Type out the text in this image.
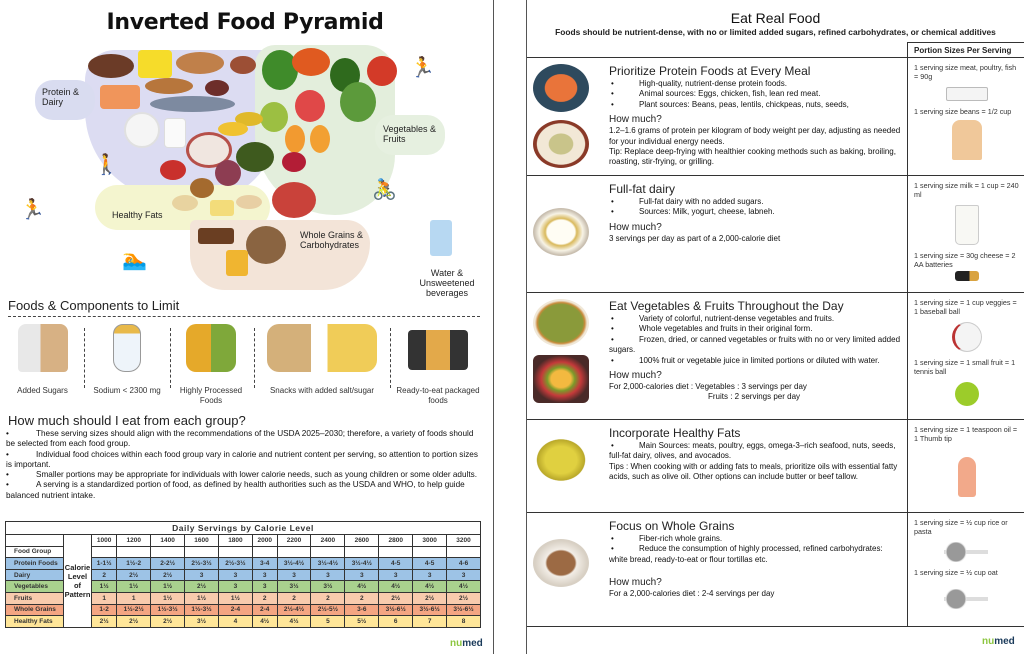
Inverted Food Pyramid
Protein & Dairy
Vegetables & Fruits
Healthy Fats
Whole Grains & Carbohydrates
Water & Unsweetened beverages
🏃
🚶
🏃
🚴
🏊
Foods & Components to Limit
Added Sugars	Sodium < 2300 mg	Highly Processed Foods
Snacks with added salt/sugar	Ready-to-eat packaged foods
How much should I eat from each group?

•	These serving sizes should align with the recommendations of the USDA 2025–2030; therefore, a variety of foods should be selected from each food group.

•	Individual food choices within each food group vary in calorie and nutrient content per serving, so attention to portion sizes is important.

•	Smaller portions may be appropriate for individuals with lower calorie needs, such as young children or some older adults.

•	A serving is a standardized portion of food, as defined by health authorities such as the USDA and WHO, to help guide balanced nutrient intake.

Daily Servings by Calorie Level													
	Calorie Level of Pattern	1000	1200	1400	1600	1800	2000	2200	2400	2600	2800	3000	3200
Food Group													
Protein Foods		1-1½	1½-2	2-2½	2½-3½	2½-3½	3-4	3½-4½	3½-4½	3½-4½	4-5	4-5	4-6
Dairy		2	2½	2½	3	3	3	3	3	3	3	3	3
Vegetables		1½	1½	1½	2½	3	3	3½	3½	4½	4½	4½	4½
Fruits		1	1	1½	1½	1½	2	2	2	2	2½	2½	2½
Whole Grains		1-2	1½-2½	1½-3½	1½-3½	2-4	2-4	2½-4½	2½-5½	3-6	3½-6½	3½-6½	3½-6½
Healthy Fats		2½	2½	2½	3½	4	4½	4½	5	5½	6	7	8
numed
Eat Real Food
Foods should be nutrient-dense, with no or limited added sugars, refined carbohydrates, or chemical additives
Portion Sizes Per Serving
Prioritize Protein Foods at Every Meal
•	High-quality, nutrient-dense protein foods.
•	Animal sources: Eggs, chicken, fish, lean red meat.
•	Plant sources: Beans, peas, lentils, chickpeas, nuts, seeds,
How much?
1.2–1.6 grams of protein per kilogram of body weight per day, adjusting as needed for your individual energy needs.
Tip: Replace deep-frying with healthier cooking methods such as baking, broiling, roasting, stir-frying, or grilling.
1 serving size meat, poultry, fish = 90g
1 serving size beans = 1/2 cup
Full-fat dairy
•	Full-fat dairy with no added sugars.
•	Sources: Milk, yogurt, cheese, labneh.
How much?
3 servings per day as part of a 2,000-calorie diet
1 serving size milk = 1 cup = 240 ml
1 serving size = 30g cheese = 2 AA batteries
Eat Vegetables & Fruits Throughout the Day
•	Variety of colorful, nutrient-dense vegetables and fruits.
•	Whole vegetables and fruits in their original form.
•	Frozen, dried, or canned vegetables or fruits with no or very limited added sugars.
•	100% fruit or vegetable juice in limited portions or diluted with water.
How much?
For 2,000-calories diet : Vegetables : 3 servings per day
Fruits : 2 servings per day
1 serving size = 1 cup veggies = 1 baseball ball
1 serving size = 1 small fruit = 1 tennis ball
Incorporate Healthy Fats
•	Main Sources: meats, poultry, eggs, omega-3–rich seafood, nuts, seeds, full-fat dairy, olives, and avocados.
Tips : When cooking with or adding fats to meals, prioritize oils with essential fatty acids, such as olive oil. Other options can include butter or beef tallow.
1 serving size = 1 teaspoon oil = 1 Thumb tip
Focus on Whole Grains
•	Fiber-rich whole grains.
•	Reduce the consumption of highly processed, refined carbohydrates: white bread, ready-to-eat or flour tortillas etc.
How much?
For a 2,000-calories diet : 2-4 servings per day
1 serving size = ½ cup rice or pasta
1 serving size = ½ cup oat
numed
